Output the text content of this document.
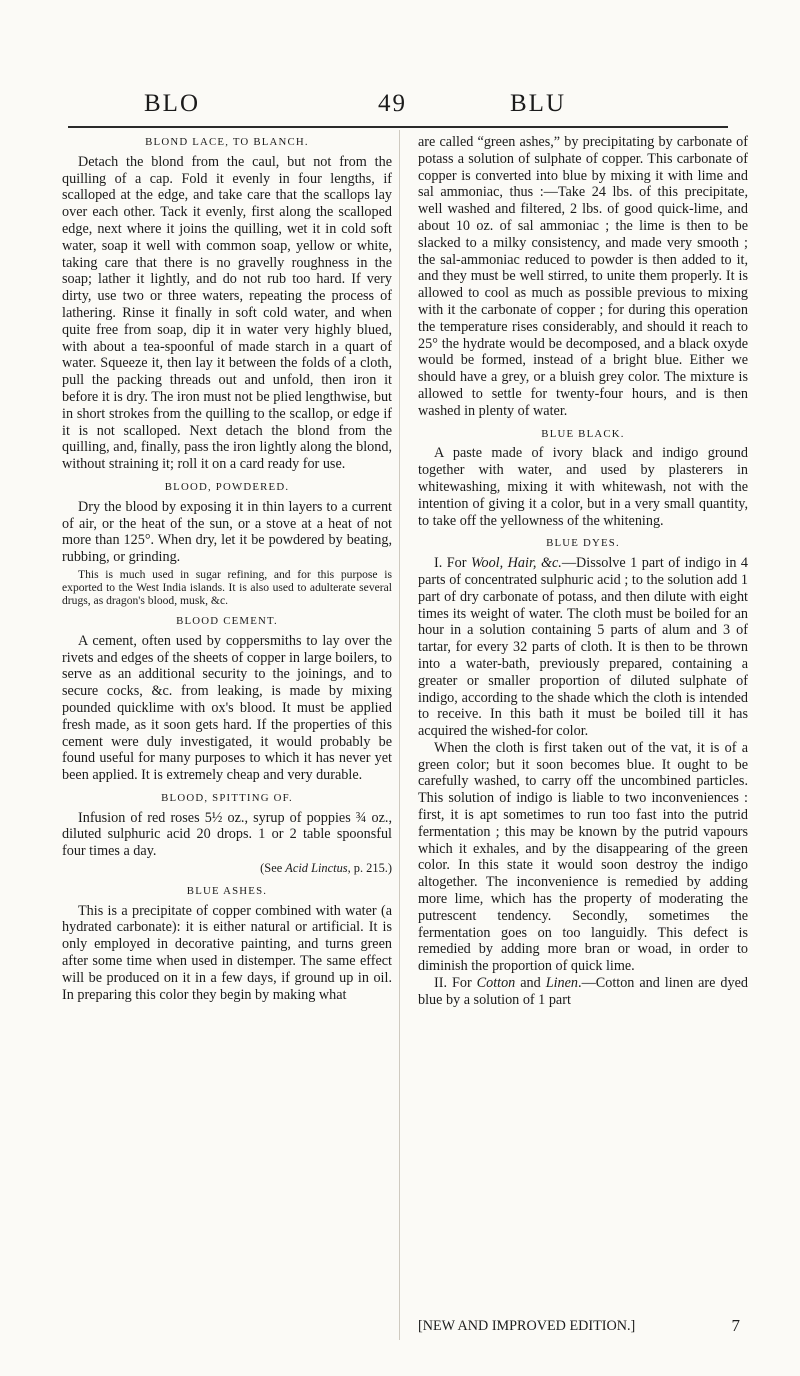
BLO	49	BLU
BLOND LACE, TO BLANCH.

Detach the blond from the caul, but not from the quilling of a cap. Fold it evenly in four lengths, if scalloped at the edge, and take care that the scallops lay over each other. Tack it evenly, first along the scalloped edge, next where it joins the quilling, wet it in cold soft water, soap it well with common soap, yellow or white, taking care that there is no gravelly roughness in the soap; lather it lightly, and do not rub too hard. If very dirty, use two or three waters, repeating the process of lathering. Rinse it finally in soft cold water, and when quite free from soap, dip it in water very highly blued, with about a tea-spoonful of made starch in a quart of water. Squeeze it, then lay it between the folds of a cloth, pull the packing threads out and unfold, then iron it before it is dry. The iron must not be plied lengthwise, but in short strokes from the quilling to the scallop, or edge if it is not scalloped. Next detach the blond from the quilling, and, finally, pass the iron lightly along the blond, without straining it; roll it on a card ready for use.

BLOOD, POWDERED.

Dry the blood by exposing it in thin layers to a current of air, or the heat of the sun, or a stove at a heat of not more than 125°. When dry, let it be powdered by beating, rubbing, or grinding.

This is much used in sugar refining, and for this purpose is exported to the West India islands. It is also used to adulterate several drugs, as dragon's blood, musk, &c.

BLOOD CEMENT.

A cement, often used by coppersmiths to lay over the rivets and edges of the sheets of copper in large boilers, to serve as an additional security to the joinings, and to secure cocks, &c. from leaking, is made by mixing pounded quicklime with ox's blood. It must be applied fresh made, as it soon gets hard. If the properties of this cement were duly investigated, it would probably be found useful for many purposes to which it has never yet been applied. It is extremely cheap and very durable.

BLOOD, SPITTING OF.

Infusion of red roses 5½ oz., syrup of poppies ¾ oz., diluted sulphuric acid 20 drops. 1 or 2 table spoonsful four times a day.

(See Acid Linctus, p. 215.)

BLUE ASHES.

This is a precipitate of copper combined with water (a hydrated carbonate): it is either natural or artificial. It is only employed in decorative painting, and turns green after some time when used in distemper. The same effect will be produced on it in a few days, if ground up in oil. In preparing this color they begin by making what

are called “green ashes,” by precipitating by carbonate of potass a solution of sulphate of copper. This carbonate of copper is converted into blue by mixing it with lime and sal ammoniac, thus :—Take 24 lbs. of this precipitate, well washed and filtered, 2 lbs. of good quick-lime, and about 10 oz. of sal ammoniac ; the lime is then to be slacked to a milky consistency, and made very smooth ; the sal-ammoniac reduced to powder is then added to it, and they must be well stirred, to unite them properly. It is allowed to cool as much as possible previous to mixing with it the carbonate of copper ; for during this operation the temperature rises considerably, and should it reach to 25° the hydrate would be decomposed, and a black oxyde would be formed, instead of a bright blue. Either we should have a grey, or a bluish grey color. The mixture is allowed to settle for twenty-four hours, and is then washed in plenty of water.

BLUE BLACK.

A paste made of ivory black and indigo ground together with water, and used by plasterers in whitewashing, mixing it with whitewash, not with the intention of giving it a color, but in a very small quantity, to take off the yellowness of the whitening.

BLUE DYES.

I. For Wool, Hair, &c.—Dissolve 1 part of indigo in 4 parts of concentrated sulphuric acid ; to the solution add 1 part of dry carbonate of potass, and then dilute with eight times its weight of water. The cloth must be boiled for an hour in a solution containing 5 parts of alum and 3 of tartar, for every 32 parts of cloth. It is then to be thrown into a water-bath, previously prepared, containing a greater or smaller proportion of diluted sulphate of indigo, according to the shade which the cloth is intended to receive. In this bath it must be boiled till it has acquired the wished-for color.

When the cloth is first taken out of the vat, it is of a green color; but it soon becomes blue. It ought to be carefully washed, to carry off the uncombined particles. This solution of indigo is liable to two inconveniences : first, it is apt sometimes to run too fast into the putrid fermentation ; this may be known by the putrid vapours which it exhales, and by the disappearing of the green color. In this state it would soon destroy the indigo altogether. The inconvenience is remedied by adding more lime, which has the property of moderating the putrescent tendency. Secondly, sometimes the fermentation goes on too languidly. This defect is remedied by adding more bran or woad, in order to diminish the proportion of quick lime.

II. For Cotton and Linen.—Cotton and linen are dyed blue by a solution of 1 part

[NEW AND IMPROVED EDITION.]	7
